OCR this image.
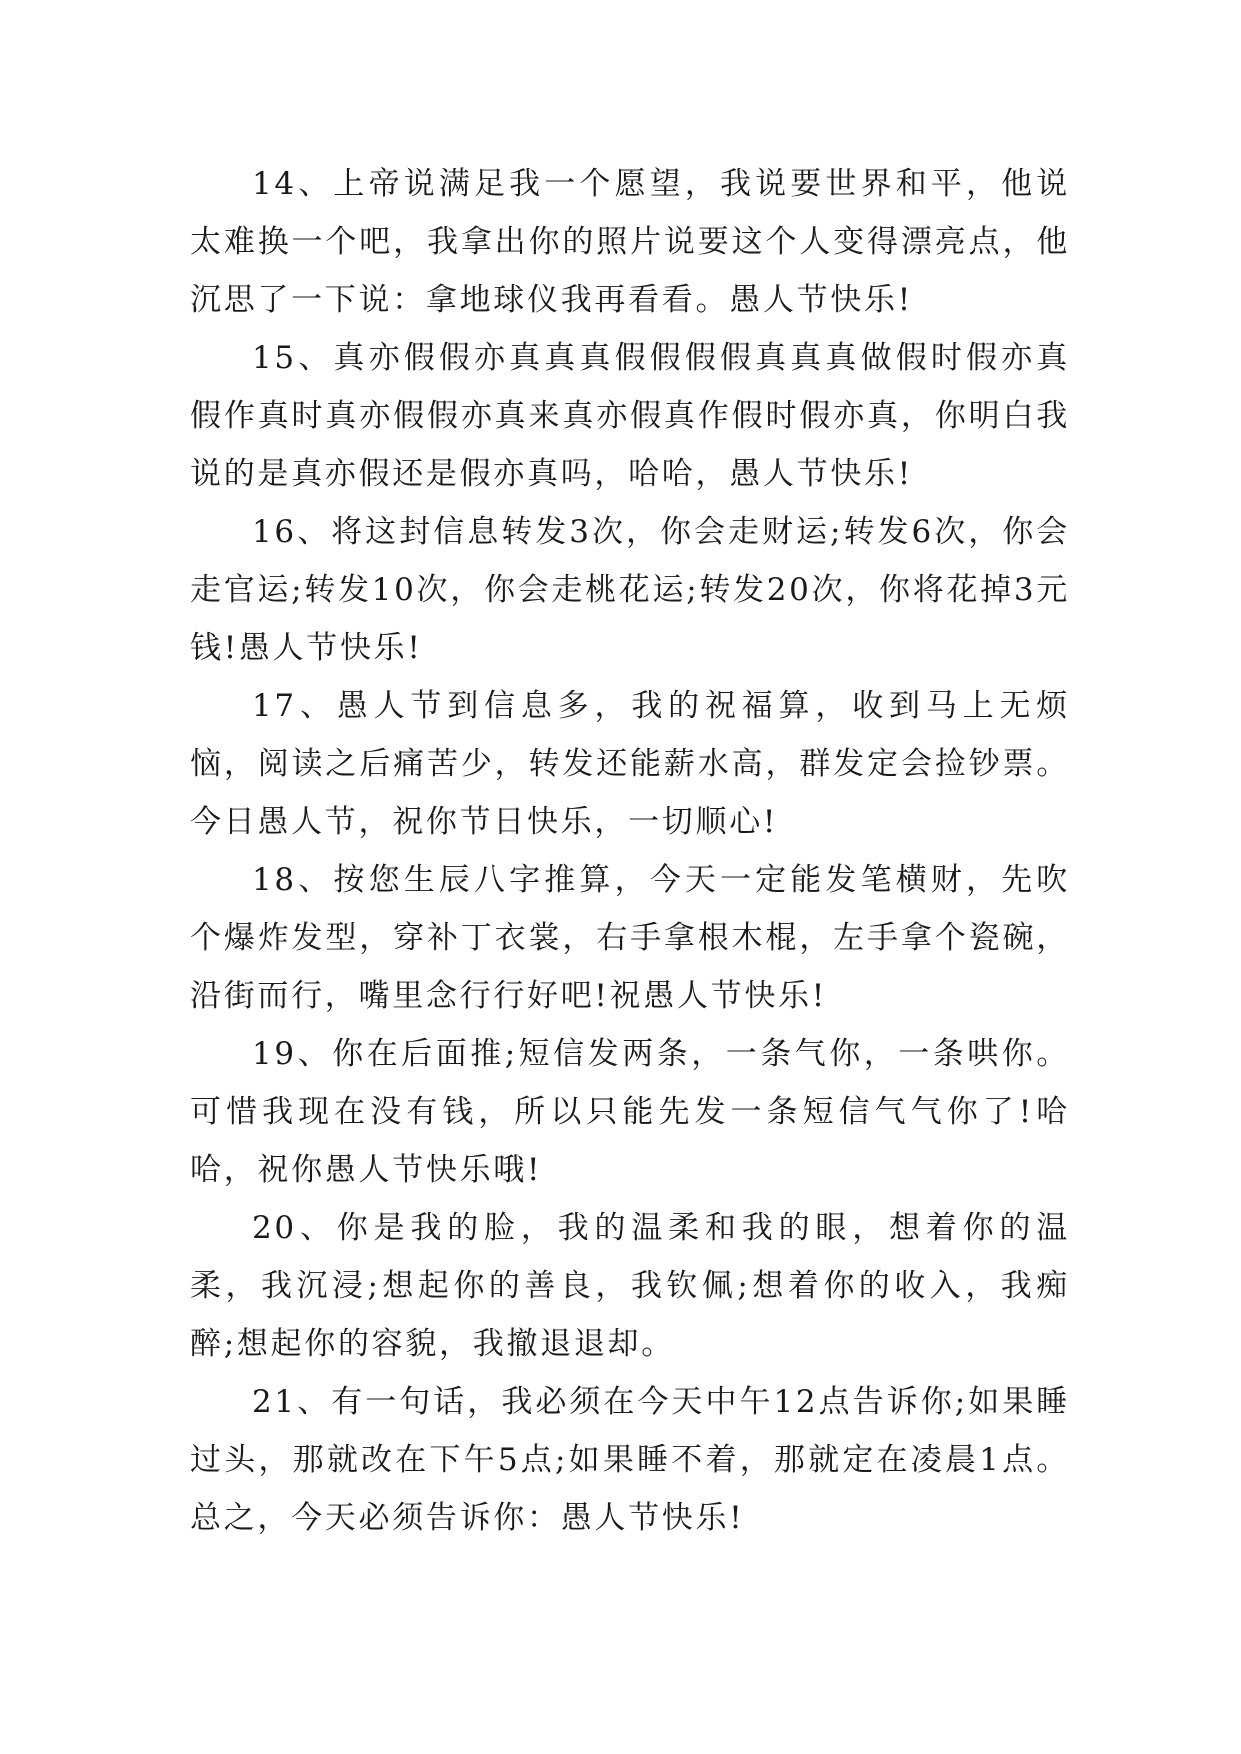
14、上帝说满足我一个愿望，我说要世界和平，他说太难换一个吧，我拿出你的照片说要这个人变得漂亮点，他沉思了一下说：拿地球仪我再看看。愚人节快乐!

15、真亦假假亦真真真假假假假真真真做假时假亦真假作真时真亦假假亦真来真亦假真作假时假亦真，你明白我说的是真亦假还是假亦真吗，哈哈，愚人节快乐!

16、将这封信息转发3次，你会走财运;转发6次，你会走官运;转发10次，你会走桃花运;转发20次，你将花掉3元钱!愚人节快乐!

17、愚人节到信息多，我的祝福算，收到马上无烦恼，阅读之后痛苦少，转发还能薪水高，群发定会捡钞票。今日愚人节，祝你节日快乐，一切顺心!

18、按您生辰八字推算，今天一定能发笔横财，先吹个爆炸发型，穿补丁衣裳，右手拿根木棍，左手拿个瓷碗，沿街而行，嘴里念行行好吧!祝愚人节快乐!

19、你在后面推;短信发两条，一条气你，一条哄你。可惜我现在没有钱，所以只能先发一条短信气气你了!哈哈，祝你愚人节快乐哦!

20、你是我的脸，我的温柔和我的眼，想着你的温柔，我沉浸;想起你的善良，我钦佩;想着你的收入，我痴醉;想起你的容貌，我撤退退却。

21、有一句话，我必须在今天中午12点告诉你;如果睡过头，那就改在下午5点;如果睡不着，那就定在凌晨1点。总之，今天必须告诉你：愚人节快乐!
